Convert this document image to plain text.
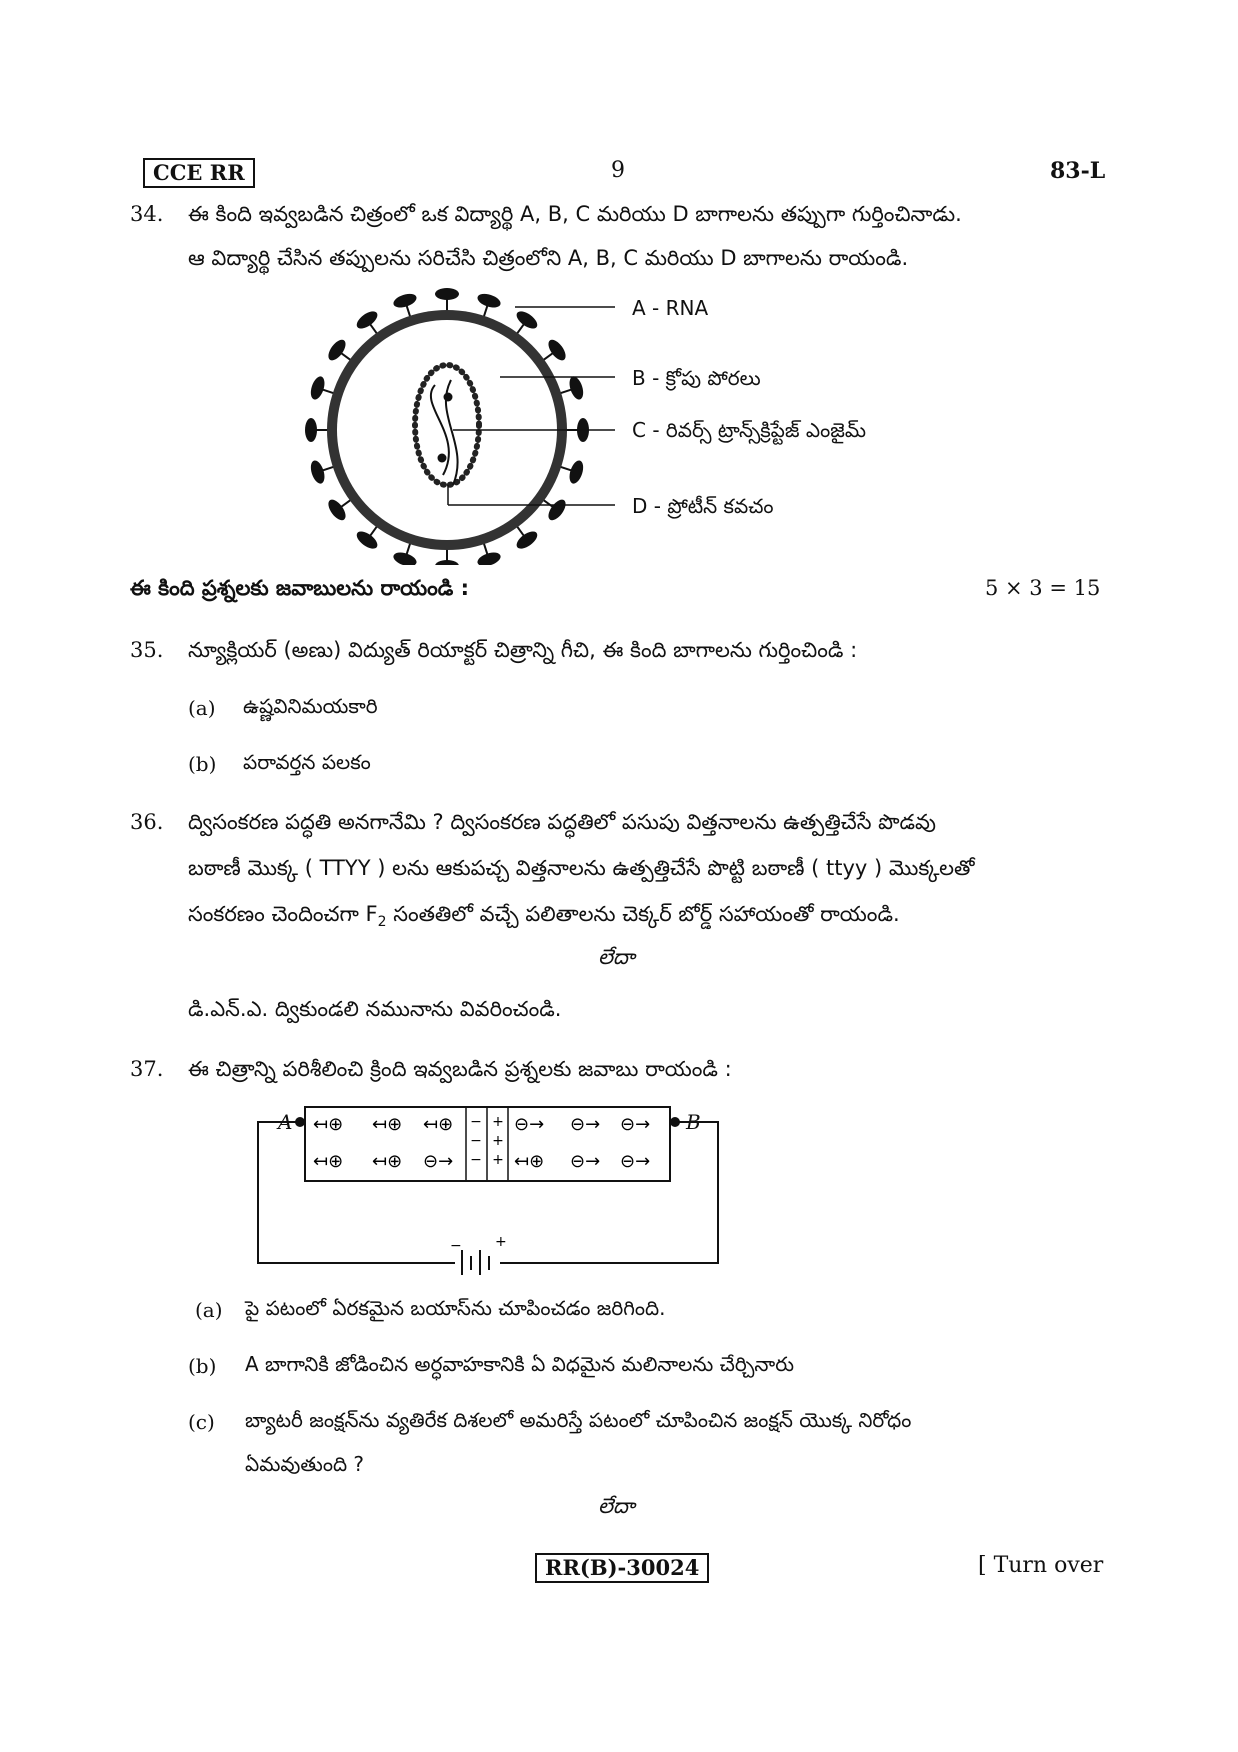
CCE RR	9	83-L
34. ఈ కింది ఇవ్వబడిన చిత్రంలో ఒక విద్యార్థి A, B, C మరియు D బాగాలను తప్పుగా గుర్తించినాడు.
ఆ విద్యార్థి చేసిన తప్పులను సరిచేసి చిత్రంలోని A, B, C మరియు D బాగాలను రాయండి.
A - RNA
B - క్రోపు పోరలు
C - రివర్స్ ట్రాన్స్‌క్రిప్టేజ్ ఎంజైమ్
D - ప్రోటీన్ కవచం
ఈ కింది ప్రశ్నలకు జవాబులను రాయండి :	5 × 3 = 15
35. న్యూక్లియర్ (అణు) విద్యుత్ రియాక్టర్ చిత్రాన్ని గీచి, ఈ కింది బాగాలను గుర్తించిండి :
(a) ఉష్ణవినిమయకారి
(b) పరావర్తన పలకం
36. ద్విసంకరణ పద్ధతి అనగానేమి ? ద్విసంకరణ పద్ధతిలో పసుపు విత్తనాలను ఉత్పత్తిచేసే పొడవు
బఠాణీ మొక్క ( TTYY ) లను ఆకుపచ్చ విత్తనాలను ఉత్పత్తిచేసే పొట్టి బఠాణీ ( ttyy ) మొక్కలతో
సంకరణం చెందించగా $F_2$ సంతతిలో వచ్చే పలితాలను చెక్కర్ బోర్డ్ సహాయంతో రాయండి.
లేదా
డి.ఎన్.ఎ. ద్వికుండలి నమునాను వివరించండి.
37. ఈ చిత్రాన్ని పరిశీలించి క్రింది ఇవ్వబడిన ప్రశ్నలకు జవాబు రాయండి :
−
−
−
+
+
+
↤⊕ ↤⊕ ↤⊕
↤⊕ ↤⊕ ⊖→
⊖→ ⊖→ ⊖→
↤⊕ ⊖→ ⊖→
− +
A	B
(a) పై పటంలో ఏరకమైన బయాస్‌ను చూపించడం జరిగింది.
(b) A బాగానికి జోడించిన అర్ధవాహకానికి ఏ విధమైన మలినాలను చేర్చినారు
(c) బ్యాటరీ జంక్షన్‌ను వ్యతిరేక దిశలలో అమరిస్తే పటంలో చూపించిన జంక్షన్ యొక్క నిరోధం
ఏమవుతుంది ?
లేదా
RR(B)-30024	[ Turn over
